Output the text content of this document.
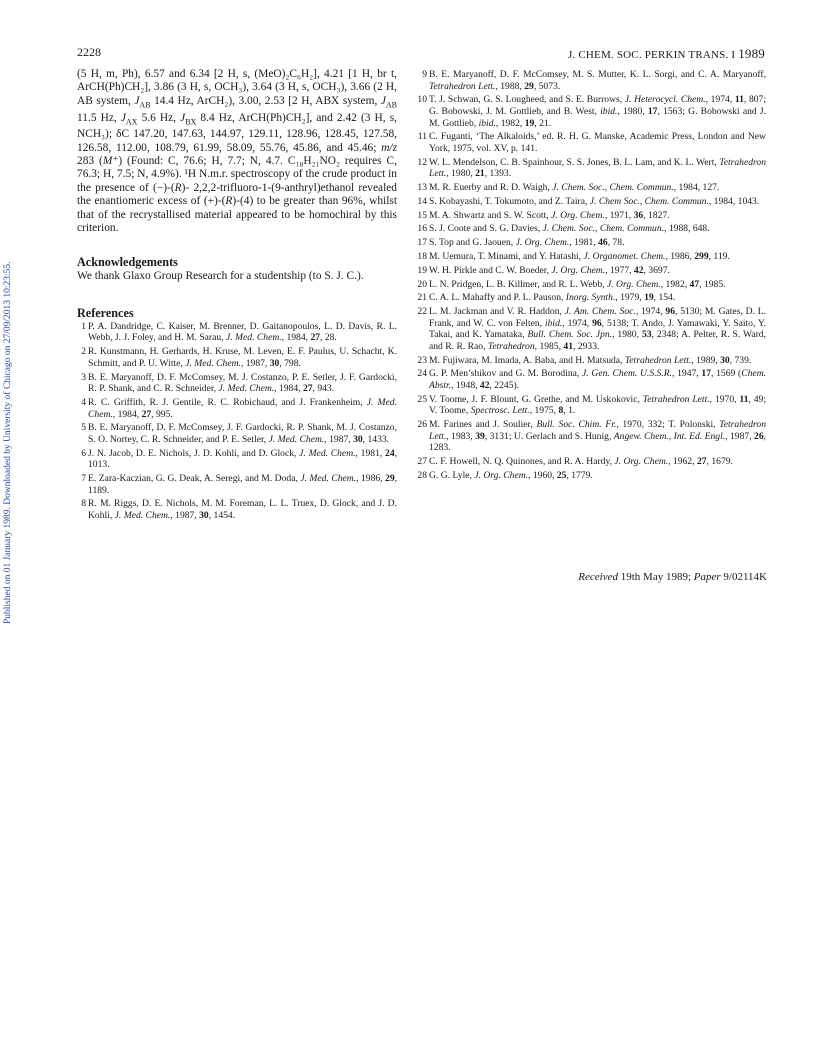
Published on 01 January 1989. Downloaded by University of Chicago on 27/09/2013 10:23:55.
2228	J. CHEM. SOC. PERKIN TRANS. I 1989

(5 H, m, Ph), 6.57 and 6.34 [2 H, s, (MeO)₂C₆H₂], 4.21 [1 H, br t, ArCH(Ph)CH₂], 3.86 (3 H, s, OCH₃), 3.64 (3 H, s, OCH₃), 3.66 (2 H, AB system, $J_{AB}$ 14.4 Hz, ArCH₂), 3.00, 2.53 [2 H, ABX system, $J_{AB}$ 11.5 Hz, $J_{AX}$ 5.6 Hz, $J_{BX}$ 8.4 Hz, ArCH(Ph)CH₂], and 2.42 (3 H, s, NCH₃); δC 147.20, 147.63, 144.97, 129.11, 128.96, 128.45, 127.58, 126.58, 112.00, 108.79, 61.99, 58.09, 55.76, 45.86, and 45.46; m/z 283 (M⁺) (Found: C, 76.6; H, 7.7; N, 4.7. C₁₈H₂₁NO₂ requires C, 76.3; H, 7.5; N, 4.9%). ¹H N.m.r. spectroscopy of the crude product in the presence of (−)-(R)- 2,2,2-trifluoro-1-(9-anthryl)ethanol revealed the enantiomeric excess of (+)-(R)-(4) to be greater than 96%, whilst that of the recrystallised material appeared to be homochiral by this criterion.

Acknowledgements

We thank Glaxo Group Research for a studentship (to S. J. C.).

References
1 P. A. Dandridge, C. Kaiser, M. Brenner, D. Gaitanopoulos, L. D. Davis, R. L. Webb, J. J. Foley, and H. M. Sarau, J. Med. Chem., 1984, 27, 28.
2 R. Kunstmann, H. Gerhards, H. Kruse, M. Leven, E. F. Paulus, U. Schacht, K. Schmitt, and P. U. Witte, J. Med. Chem., 1987, 30, 798.
3 B. E. Maryanoff, D. F. McComsey, M. J. Costanzo, P. E. Setler, J. F. Gardocki, R. P. Shank, and C. R. Schneider, J. Med. Chem., 1984, 27, 943.
4 R. C. Griffith, R. J. Gentile, R. C. Robichaud, and J. Frankenheim, J. Med. Chem., 1984, 27, 995.
5 B. E. Maryanoff, D. F. McComsey, J. F. Gardocki, R. P. Shank, M. J. Costanzo, S. O. Nortey, C. R. Schneider, and P. E. Setler, J. Med. Chem., 1987, 30, 1433.
6 J. N. Jacob, D. E. Nichols, J. D. Kohli, and D. Glock, J. Med. Chem., 1981, 24, 1013.
7 E. Zara-Kaczian, G. G. Deak, A. Seregi, and M. Doda, J. Med. Chem., 1986, 29, 1189.
8 R. M. Riggs, D. E. Nichols, M. M. Foreman, L. L. Truex, D. Glock, and J. D. Kohli, J. Med. Chem., 1987, 30, 1454.
9 B. E. Maryanoff, D. F. McComsey, M. S. Mutter, K. L. Sorgi, and C. A. Maryanoff, Tetrahedron Lett., 1988, 29, 5073.
10 T. J. Schwan, G. S. Lougheed, and S. E. Burrows, J. Heterocycl. Chem., 1974, 11, 807; G. Bobowski, J. M. Gottlieb, and B. West, ibid., 1980, 17, 1563; G. Bobowski and J. M. Gottlieb, ibid., 1982, 19, 21.
11 C. Fuganti, ‘The Alkaloids,’ ed. R. H. G. Manske, Academic Press, London and New York, 1975, vol. XV, p. 141.
12 W. L. Mendelson, C. B. Spainhour, S. S. Jones, B. L. Lam, and K. L. Wert, Tetrahedron Lett., 1980, 21, 1393.
13 M. R. Euerby and R. D. Waigh, J. Chem. Soc., Chem. Commun., 1984, 127.
14 S. Kobayashi, T. Tokumoto, and Z. Taira, J. Chem Soc., Chem. Commun., 1984, 1043.
15 M. A. Shwartz and S. W. Scott, J. Org. Chem., 1971, 36, 1827.
16 S. J. Coote and S. G. Davies, J. Chem. Soc., Chem. Commun., 1988, 648.
17 S. Top and G. Jaouen, J. Org. Chem., 1981, 46, 78.
18 M. Uemura, T. Minami, and Y. Hatashi, J. Organomet. Chem., 1986, 299, 119.
19 W. H. Pirkle and C. W. Boeder, J. Org. Chem., 1977, 42, 3697.
20 L. N. Pridgen, L. B. Killmer, and R. L. Webb, J. Org. Chem., 1982, 47, 1985.
21 C. A. L. Mahaffy and P. L. Pauson, Inorg. Synth., 1979, 19, 154.
22 L. M. Jackman and V. R. Haddon, J. Am. Chem. Soc., 1974, 96, 5130; M. Gates, D. L. Frank, and W. C. von Felten, ibid., 1974, 96, 5138; T. Ando, J. Yamawaki, Y. Saito, Y. Takai, and K. Yamataka, Bull. Chem. Soc. Jpn., 1980, 53, 2348; A. Pelter, R. S. Ward, and R. R. Rao, Tetrahedron, 1985, 41, 2933.
23 M. Fujiwara, M. Imada, A. Baba, and H. Matsuda, Tetrahedron Lett., 1989, 30, 739.
24 G. P. Men’shikov and G. M. Borodina, J. Gen. Chem. U.S.S.R., 1947, 17, 1569 (Chem. Abstr., 1948, 42, 2245).
25 V. Toome, J. F. Blount, G. Grethe, and M. Uskokovic, Tetrahedron Lett., 1970, 11, 49; V. Toome, Spectrosc. Lett., 1975, 8, 1.
26 M. Farines and J. Soulier, Bull. Soc. Chim. Fr., 1970, 332; T. Polonski, Tetrahedron Lett., 1983, 39, 3131; U. Gerlach and S. Hunig, Angew. Chem., Int. Ed. Engl., 1987, 26, 1283.
27 C. F. Howell, N. Q. Quinones, and R. A. Hardy, J. Org. Chem., 1962, 27, 1679.
28 G. G. Lyle, J. Org. Chem., 1960, 25, 1779.
Received 19th May 1989; Paper 9/02114K
